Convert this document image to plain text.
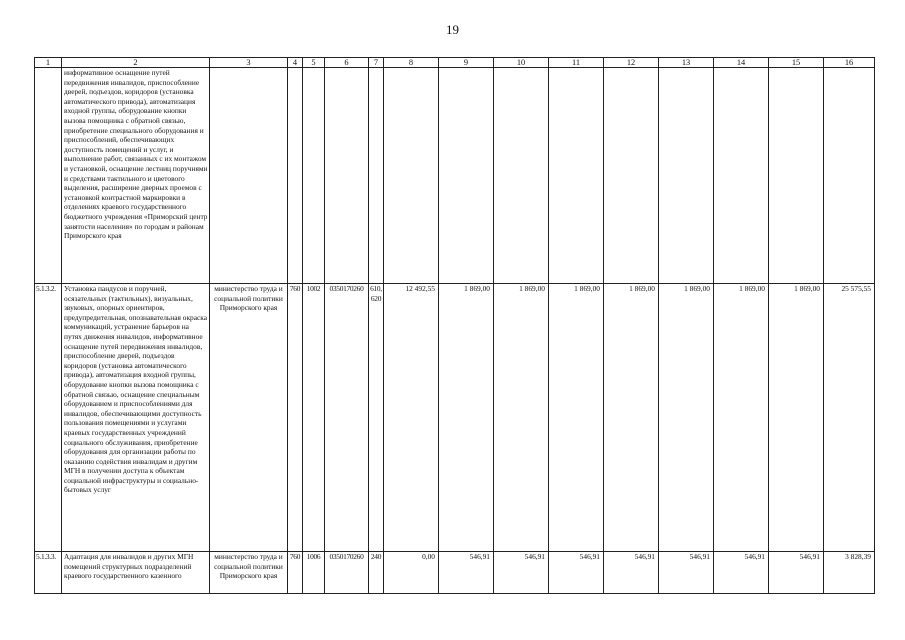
19
1	2	3	4	5	6	7	8	9	10	11	12	13	14	15	16
	информативное оснащение путей передвижения инвалидов, приспособление дверей, подъездов, коридоров (установка автоматического привода), автоматизация входной группы, оборудование кнопки вызова помощника с обратной связью, приобретение специального оборудования и приспособлений, обеспечивающих доступность помещений и услуг, и выполнение работ, связанных с их монтажом и установкой, оснащение лестниц поручнями и средствами тактильного и цветового выделения, расширение дверных проемов с установкой контрастной маркировки в отделениях краевого государственного бюджетного учреждения «Приморский центр занятости населения» по городам и районам Приморского края														
5.1.3.2.	Установка пандусов и поручней, осязательных (тактильных), визуальных, звуковых, опорных ориентиров, предупредительная, опознавательная окраска коммуникаций, устранение барьеров на путях движения инвалидов, информативное оснащение путей передвижения инвалидов, приспособление дверей, подъездов коридоров (установка автоматического привода), автоматизация входной группы, оборудование кнопки вызова помощника с обратной связью, оснащение специальным оборудованием и приспособлениями для инвалидов, обеспечивающими доступность пользования помещениями и услугами краевых государственных учреждений социального обслуживания, приобретение оборудования для организации работы по оказанию содействия инвалидам и другим МГН в получении доступа к объектам социальной инфраструктуры и социально-бытовых услуг	министерство труда и социальной политики Приморского края	760	1002	0350170260	610, 620	12 492,55	1 869,00	1 869,00	1 869,00	1 869,00	1 869,00	1 869,00	1 869,00	25 575,55
5.1.3.3.	Адаптация для инвалидов и других МГН помещений структурных подразделений краевого государственного казенного	министерство труда и социальной политики Приморского края	760	1006	0350170260	240	0,00	546,91	546,91	546,91	546,91	546,91	546,91	546,91	3 828,39
